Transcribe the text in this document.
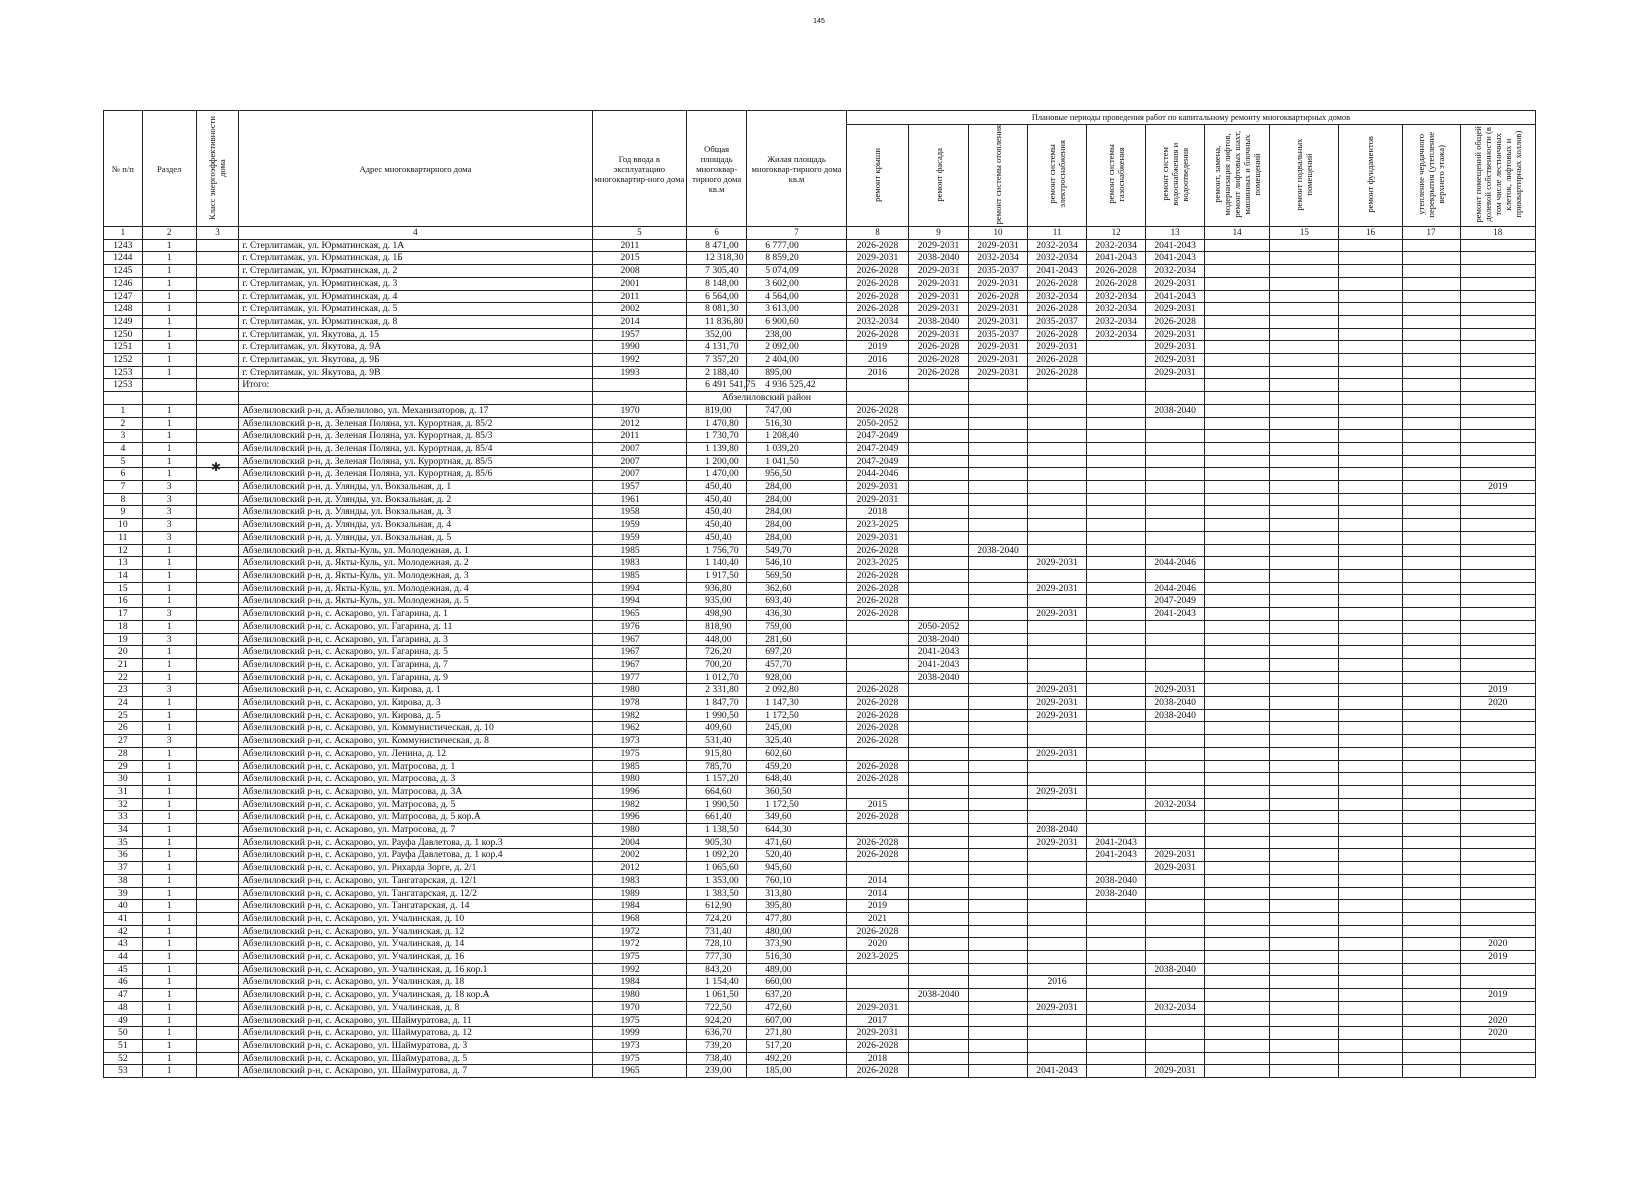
145
№ п/п	Раздел	Класс энергоэффективности дома	Адрес многоквартирного дома	Год ввода в эксплуатацию многоквартир-ного дома	Общая площадь многоквар-тирного дома кв.м	Жилая площадь многоквар-тирного дома кв.м	Плановые периоды проведения работ по капитальному ремонту многоквартирных домов										
							ремонт крыши	ремонт фасада	ремонт системы отопления	ремонт системы электроснабжения	ремонт системы газоснабжения	ремонт систем водоснабжения и водоотведения	ремонт, замена, модернизация лифтов, ремонт лифтовых шахт, машинных и блочных помещений	ремонт подвальных помещений	ремонт фундаментов	утепление чердачного перекрытия (утепление верхнего этажа)	ремонт помещений общей долевой собственности (в том числе лестничных клеток, лифтовых и приквартирных холлов)
1	2	3	4	5	6	7	8	9	10	11	12	13	14	15	16	17	18
1243	1		г. Стерлитамак, ул. Юрматинская, д. 1А	2011	8 471,00	6 777,00	2026-2028	2029-2031	2029-2031	2032-2034	2032-2034	2041-2043					
1244	1		г. Стерлитамак, ул. Юрматинская, д. 1Б	2015	12 318,30	8 859,20	2029-2031	2038-2040	2032-2034	2032-2034	2041-2043	2041-2043					
1245	1		г. Стерлитамак, ул. Юрматинская, д. 2	2008	7 305,40	5 074,09	2026-2028	2029-2031	2035-2037	2041-2043	2026-2028	2032-2034					
1246	1		г. Стерлитамак, ул. Юрматинская, д. 3	2001	8 148,00	3 602,00	2026-2028	2029-2031	2029-2031	2026-2028	2026-2028	2029-2031					
1247	1		г. Стерлитамак, ул. Юрматинская, д. 4	2011	6 564,00	4 564,00	2026-2028	2029-2031	2026-2028	2032-2034	2032-2034	2041-2043					
1248	1		г. Стерлитамак, ул. Юрматинская, д. 5	2002	8 081,30	3 613,00	2026-2028	2029-2031	2029-2031	2026-2028	2032-2034	2029-2031					
1249	1		г. Стерлитамак, ул. Юрматинская, д. 8	2014	11 836,80	6 900,60	2032-2034	2038-2040	2029-2031	2035-2037	2032-2034	2026-2028					
1250	1		г. Стерлитамак, ул. Якутова, д. 15	1957	352,00	238,00	2026-2028	2029-2031	2035-2037	2026-2028	2032-2034	2029-2031					
1251	1		г. Стерлитамак, ул. Якутова, д. 9А	1990	4 131,70	2 092,00	2019	2026-2028	2029-2031	2029-2031		2029-2031					
1252	1		г. Стерлитамак, ул. Якутова, д. 9Б	1992	7 357,20	2 404,00	2016	2026-2028	2029-2031	2026-2028		2029-2031					
1253	1		г. Стерлитамак, ул. Якутова, д. 9В	1993	2 188,40	895,00	2016	2026-2028	2029-2031	2026-2028		2029-2031					
1253			Итого:		6 491 541,75	4 936 525,42											
					Абзелиловский район												
1	1		Абзелиловский р-н, д. Абзелилово, ул. Механизаторов, д. 17	1970	819,00	747,00	2026-2028					2038-2040					
2	1		Абзелиловский р-н, д. Зеленая Поляна, ул. Курортная, д. 85/2	2012	1 470,80	516,30	2050-2052										
3	1		Абзелиловский р-н, д. Зеленая Поляна, ул. Курортная, д. 85/3	2011	1 730,70	1 208,40	2047-2049										
4	1		Абзелиловский р-н, д. Зеленая Поляна, ул. Курортная, д. 85/4	2007	1 139,80	1 039,20	2047-2049										
5	1		Абзелиловский р-н, д. Зеленая Поляна, ул. Курортная, д. 85/5	2007	1 200,00	1 041,50	2047-2049										
6	1		Абзелиловский р-н, д. Зеленая Поляна, ул. Курортная, д. 85/6	2007	1 470,00	956,50	2044-2046										
7	3		Абзелиловский р-н, д. Улянды, ул. Вокзальная, д. 1	1957	450,40	284,00	2029-2031										2019
8	3		Абзелиловский р-н, д. Улянды, ул. Вокзальная, д. 2	1961	450,40	284,00	2029-2031										
9	3		Абзелиловский р-н, д. Улянды, ул. Вокзальная, д. 3	1958	450,40	284,00	2018										
10	3		Абзелиловский р-н, д. Улянды, ул. Вокзальная, д. 4	1959	450,40	284,00	2023-2025										
11	3		Абзелиловский р-н, д. Улянды, ул. Вокзальная, д. 5	1959	450,40	284,00	2029-2031										
12	1		Абзелиловский р-н, д. Якты-Куль, ул. Молодежная, д. 1	1985	1 756,70	549,70	2026-2028		2038-2040								
13	1		Абзелиловский р-н, д. Якты-Куль, ул. Молодежная, д. 2	1983	1 140,40	546,10	2023-2025			2029-2031		2044-2046					
14	1		Абзелиловский р-н, д. Якты-Куль, ул. Молодежная, д. 3	1985	1 917,50	569,50	2026-2028										
15	1		Абзелиловский р-н, д. Якты-Куль, ул. Молодежная, д. 4	1994	936,80	362,60	2026-2028			2029-2031		2044-2046					
16	1		Абзелиловский р-н, д. Якты-Куль, ул. Молодежная, д. 5	1994	935,00	693,40	2026-2028					2047-2049					
17	3		Абзелиловский р-н, с. Аскарово, ул. Гагарина, д. 1	1965	498,90	436,30	2026-2028			2029-2031		2041-2043					
18	1		Абзелиловский р-н, с. Аскарово, ул. Гагарина, д. 11	1976	818,90	759,00		2050-2052									
19	3		Абзелиловский р-н, с. Аскарово, ул. Гагарина, д. 3	1967	448,00	281,60		2038-2040									
20	1		Абзелиловский р-н, с. Аскарово, ул. Гагарина, д. 5	1967	726,20	697,20		2041-2043									
21	1		Абзелиловский р-н, с. Аскарово, ул. Гагарина, д. 7	1967	700,20	457,70		2041-2043									
22	1		Абзелиловский р-н, с. Аскарово, ул. Гагарина, д. 9	1977	1 012,70	928,00		2038-2040									
23	3		Абзелиловский р-н, с. Аскарово, ул. Кирова, д. 1	1980	2 331,80	2 092,80	2026-2028			2029-2031		2029-2031					2019
24	1		Абзелиловский р-н, с. Аскарово, ул. Кирова, д. 3	1978	1 847,70	1 147,30	2026-2028			2029-2031		2038-2040					2020
25	1		Абзелиловский р-н, с. Аскарово, ул. Кирова, д. 5	1982	1 990,50	1 172,50	2026-2028			2029-2031		2038-2040					
26	1		Абзелиловский р-н, с. Аскарово, ул. Коммунистическая, д. 10	1962	409,60	245,00	2026-2028										
27	3		Абзелиловский р-н, с. Аскарово, ул. Коммунистическая, д. 8	1973	531,40	325,40	2026-2028										
28	1		Абзелиловский р-н, с. Аскарово, ул. Ленина, д. 12	1975	915,80	602,60				2029-2031							
29	1		Абзелиловский р-н, с. Аскарово, ул. Матросова, д. 1	1985	785,70	459,20	2026-2028										
30	1		Абзелиловский р-н, с. Аскарово, ул. Матросова, д. 3	1980	1 157,20	648,40	2026-2028										
31	1		Абзелиловский р-н, с. Аскарово, ул. Матросова, д. 3А	1996	664,60	360,50				2029-2031							
32	1		Абзелиловский р-н, с. Аскарово, ул. Матросова, д. 5	1982	1 990,50	1 172,50	2015					2032-2034					
33	1		Абзелиловский р-н, с. Аскарово, ул. Матросова, д. 5 кор.А	1996	661,40	349,60	2026-2028										
34	1		Абзелиловский р-н, с. Аскарово, ул. Матросова, д. 7	1980	1 138,50	644,30				2038-2040							
35	1		Абзелиловский р-н, с. Аскарово, ул. Рауфа Давлетова, д. 1 кор.3	2004	905,30	471,60	2026-2028			2029-2031	2041-2043						
36	1		Абзелиловский р-н, с. Аскарово, ул. Рауфа Давлетова, д. 1 кор.4	2002	1 092,20	520,40	2026-2028				2041-2043	2029-2031					
37	1		Абзелиловский р-н, с. Аскарово, ул. Рихарда Зорге, д. 2/1	2012	1 065,60	945,60						2029-2031					
38	1		Абзелиловский р-н, с. Аскарово, ул. Тангатарская, д. 12/1	1983	1 353,00	760,10	2014				2038-2040						
39	1		Абзелиловский р-н, с. Аскарово, ул. Тангатарская, д. 12/2	1989	1 383,50	313,80	2014				2038-2040						
40	1		Абзелиловский р-н, с. Аскарово, ул. Тангатарская, д. 14	1984	612,90	395,80	2019										
41	1		Абзелиловский р-н, с. Аскарово, ул. Учалинская, д. 10	1968	724,20	477,80	2021										
42	1		Абзелиловский р-н, с. Аскарово, ул. Учалинская, д. 12	1972	731,40	480,00	2026-2028										
43	1		Абзелиловский р-н, с. Аскарово, ул. Учалинская, д. 14	1972	728,10	373,90	2020										2020
44	1		Абзелиловский р-н, с. Аскарово, ул. Учалинская, д. 16	1975	777,30	516,30	2023-2025										2019
45	1		Абзелиловский р-н, с. Аскарово, ул. Учалинская, д. 16 кор.1	1992	843,20	489,00						2038-2040					
46	1		Абзелиловский р-н, с. Аскарово, ул. Учалинская, д. 18	1984	1 154,40	660,00				2016							
47	1		Абзелиловский р-н, с. Аскарово, ул. Учалинская, д. 18 кор.А	1980	1 061,50	637,20		2038-2040									2019
48	1		Абзелиловский р-н, с. Аскарово, ул. Учалинская, д. 8	1970	722,50	472,60	2029-2031			2029-2031		2032-2034					
49	1		Абзелиловский р-н, с. Аскарово, ул. Шаймуратова, д. 11	1975	924,20	607,00	2017										2020
50	1		Абзелиловский р-н, с. Аскарово, ул. Шаймуратова, д. 12	1999	636,70	271,80	2029-2031										2020
51	1		Абзелиловский р-н, с. Аскарово, ул. Шаймуратова, д. 3	1973	739,20	517,20	2026-2028										
52	1		Абзелиловский р-н, с. Аскарово, ул. Шаймуратова, д. 5	1975	738,40	492,20	2018										
53	1		Абзелиловский р-н, с. Аскарово, ул. Шаймуратова, д. 7	1965	239,00	185,00	2026-2028			2041-2043		2029-2031					
✱
